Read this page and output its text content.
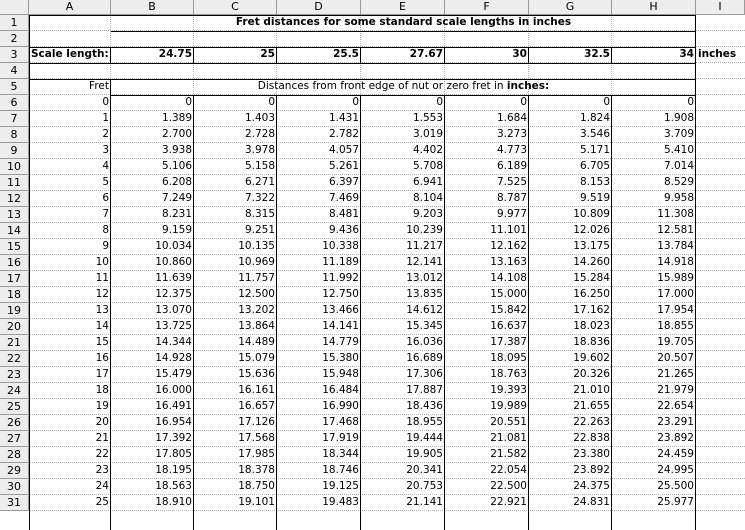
A	B	C	D	E	F	G	H	I
1
2
3
4
5
6
7
8
9
10
11
12
13
14
15
16
17
18
19
20
21
22
23
24
25
26
27
28
29
30
31
Fret distances for some standard scale lengths in inches
Scale length:	24.75	25	25.5	27.67	30	32.5	34 inches
Fret	Distances from front edge of nut or zero fret in inches:
0	0	0	0	0	0	0	0
1	1.389	1.403	1.431	1.553	1.684	1.824	1.908
2	2.700	2.728	2.782	3.019	3.273	3.546	3.709
3	3.938	3.978	4.057	4.402	4.773	5.171	5.410
4	5.106	5.158	5.261	5.708	6.189	6.705	7.014
5	6.208	6.271	6.397	6.941	7.525	8.153	8.529
6	7.249	7.322	7.469	8.104	8.787	9.519	9.958
7	8.231	8.315	8.481	9.203	9.977	10.809	11.308
8	9.159	9.251	9.436	10.239	11.101	12.026	12.581
9	10.034	10.135	10.338	11.217	12.162	13.175	13.784
10	10.860	10.969	11.189	12.141	13.163	14.260	14.918
11	11.639	11.757	11.992	13.012	14.108	15.284	15.989
12	12.375	12.500	12.750	13.835	15.000	16.250	17.000
13	13.070	13.202	13.466	14.612	15.842	17.162	17.954
14	13.725	13.864	14.141	15.345	16.637	18.023	18.855
15	14.344	14.489	14.779	16.036	17.387	18.836	19.705
16	14.928	15.079	15.380	16.689	18.095	19.602	20.507
17	15.479	15.636	15.948	17.306	18.763	20.326	21.265
18	16.000	16.161	16.484	17.887	19.393	21.010	21.979
19	16.491	16.657	16.990	18.436	19.989	21.655	22.654
20	16.954	17.126	17.468	18.955	20.551	22.263	23.291
21	17.392	17.568	17.919	19.444	21.081	22.838	23.892
22	17.805	17.985	18.344	19.905	21.582	23.380	24.459
23	18.195	18.378	18.746	20.341	22.054	23.892	24.995
24	18.563	18.750	19.125	20.753	22.500	24.375	25.500
25	18.910	19.101	19.483	21.141	22.921	24.831	25.977
